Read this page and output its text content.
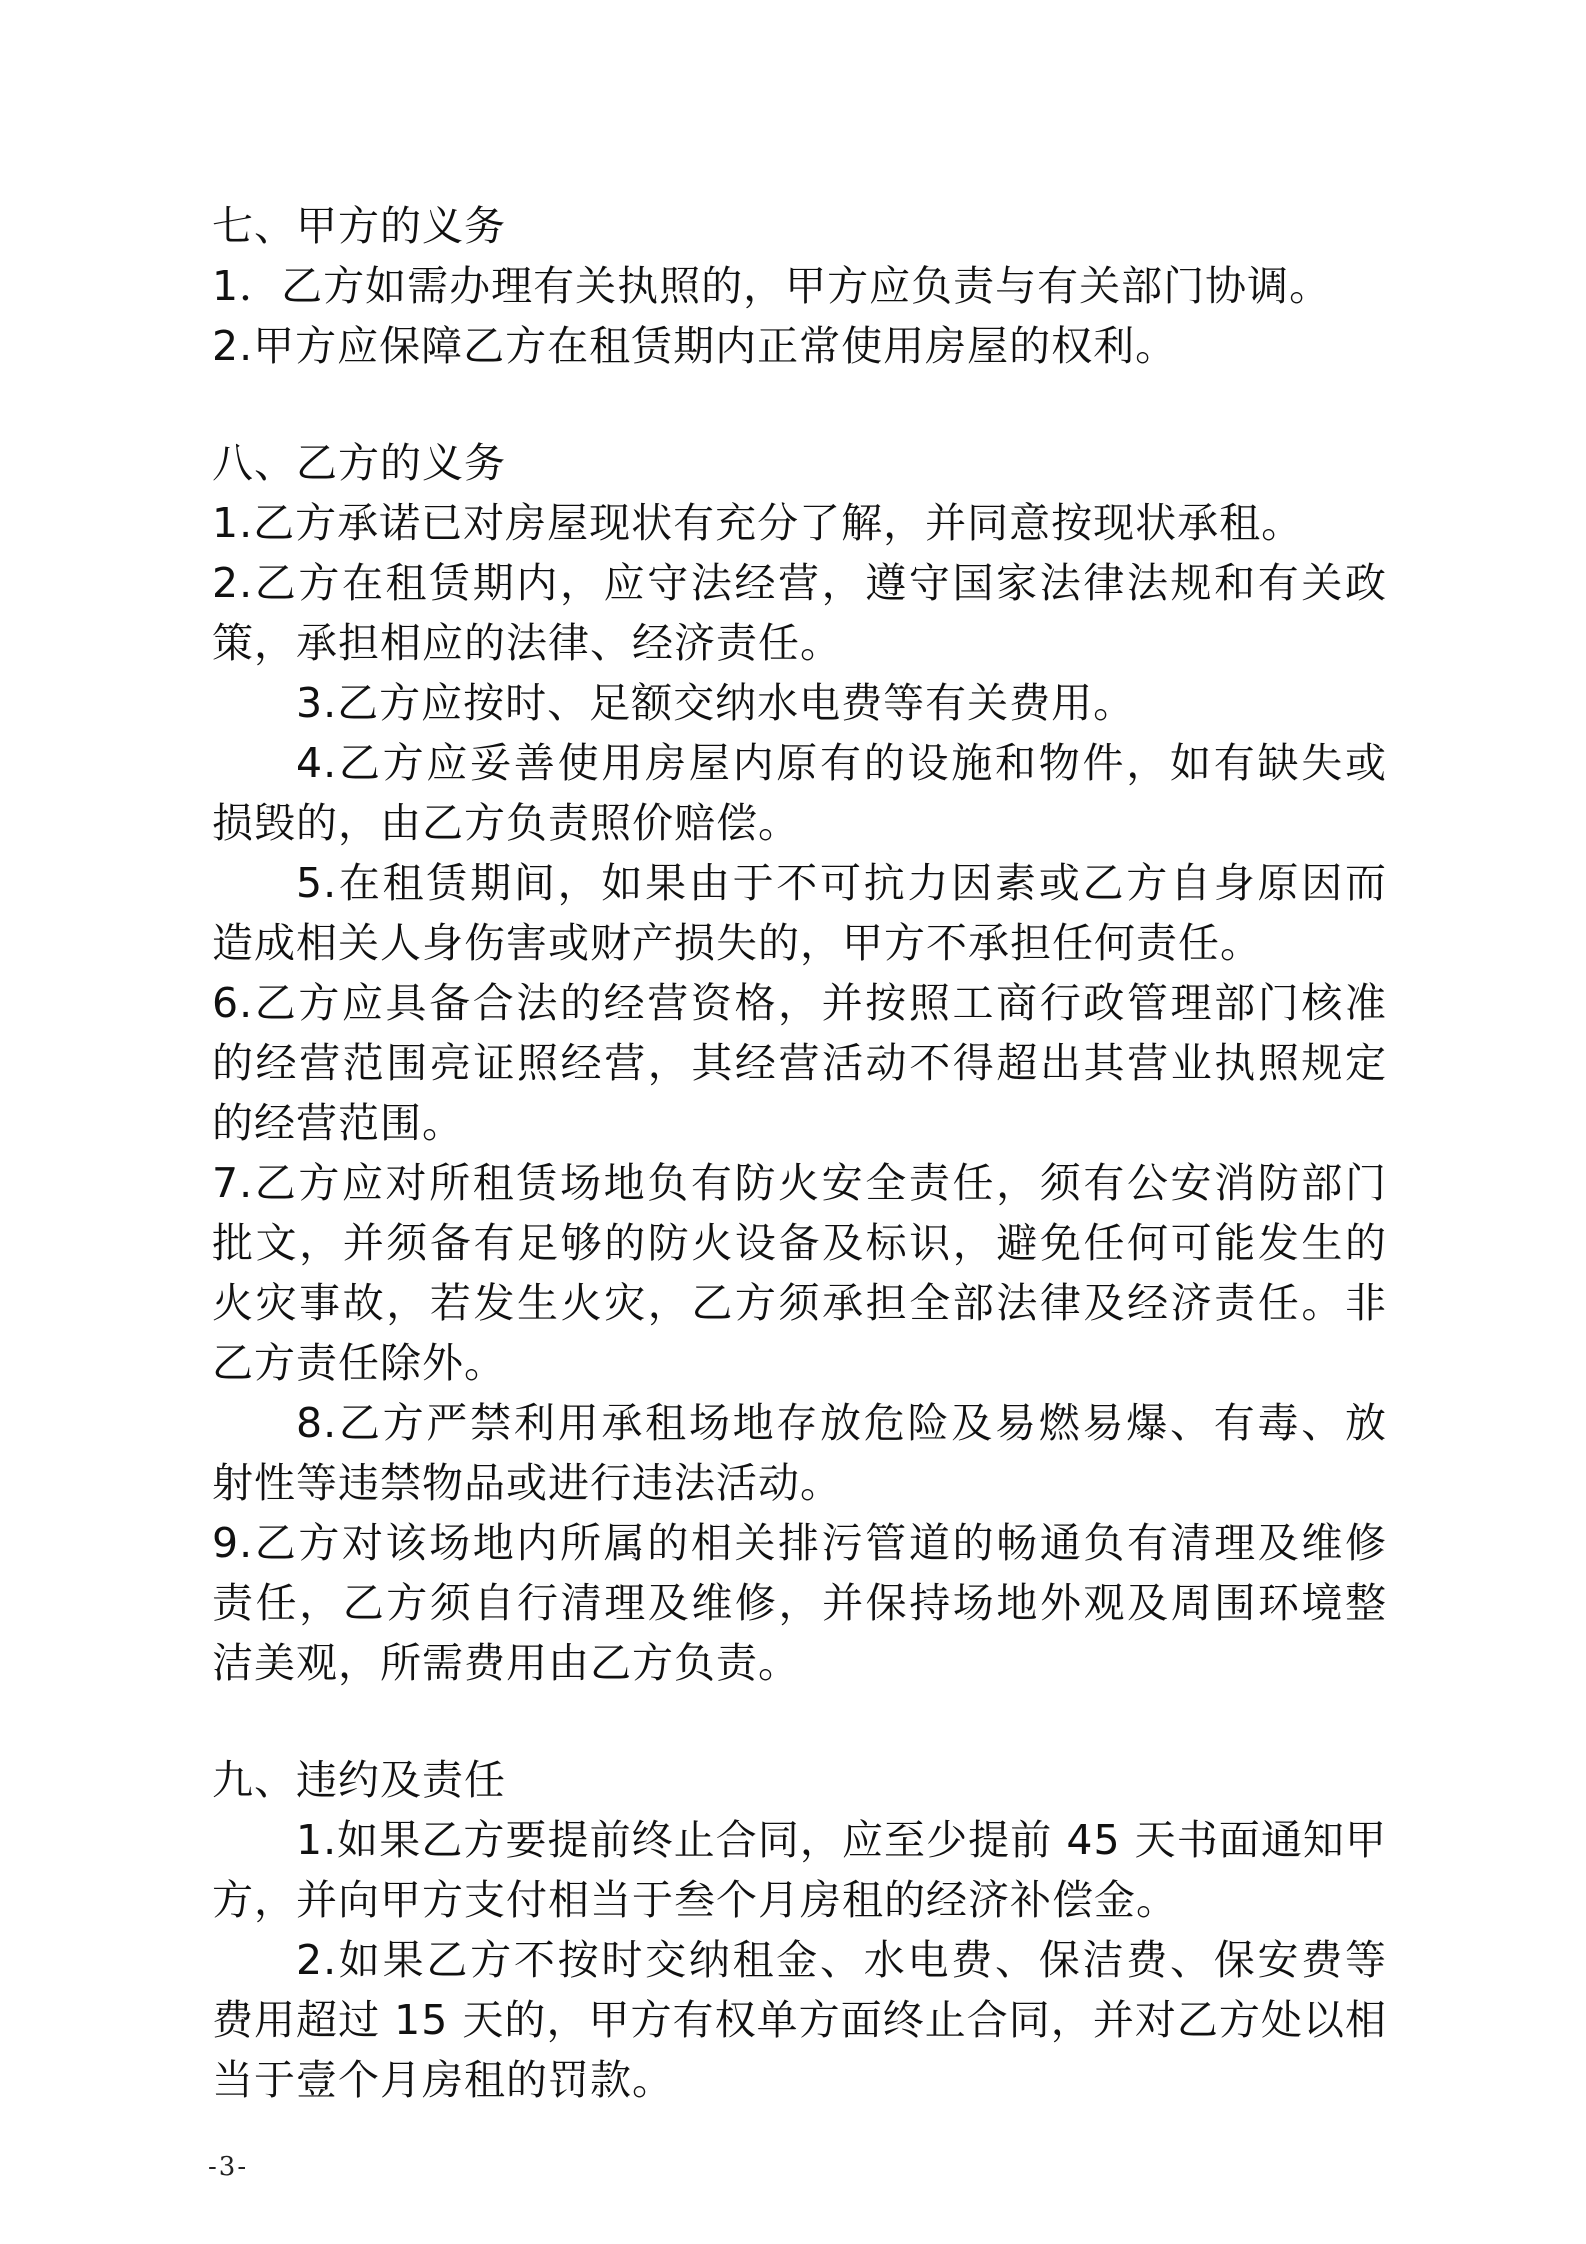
七、甲方的义务

1．乙方如需办理有关执照的，甲方应负责与有关部门协调。

2.甲方应保障乙方在租赁期内正常使用房屋的权利。

八、乙方的义务

1.乙方承诺已对房屋现状有充分了解，并同意按现状承租。

2.乙方在租赁期内，应守法经营，遵守国家法律法规和有关政策，承担相应的法律、经济责任。

3.乙方应按时、足额交纳水电费等有关费用。

4.乙方应妥善使用房屋内原有的设施和物件，如有缺失或损毁的，由乙方负责照价赔偿。

5.在租赁期间，如果由于不可抗力因素或乙方自身原因而造成相关人身伤害或财产损失的，甲方不承担任何责任。

6.乙方应具备合法的经营资格，并按照工商行政管理部门核准的经营范围亮证照经营，其经营活动不得超出其营业执照规定的经营范围。

7.乙方应对所租赁场地负有防火安全责任，须有公安消防部门批文，并须备有足够的防火设备及标识，避免任何可能发生的火灾事故，若发生火灾，乙方须承担全部法律及经济责任。非乙方责任除外。

8.乙方严禁利用承租场地存放危险及易燃易爆、有毒、放射性等违禁物品或进行违法活动。

9.乙方对该场地内所属的相关排污管道的畅通负有清理及维修责任，乙方须自行清理及维修，并保持场地外观及周围环境整洁美观，所需费用由乙方负责。

九、违约及责任

1.如果乙方要提前终止合同，应至少提前 45 天书面通知甲方，并向甲方支付相当于叁个月房租的经济补偿金。

2.如果乙方不按时交纳租金、水电费、保洁费、保安费等费用超过 15 天的，甲方有权单方面终止合同，并对乙方处以相当于壹个月房租的罚款。

-3-
